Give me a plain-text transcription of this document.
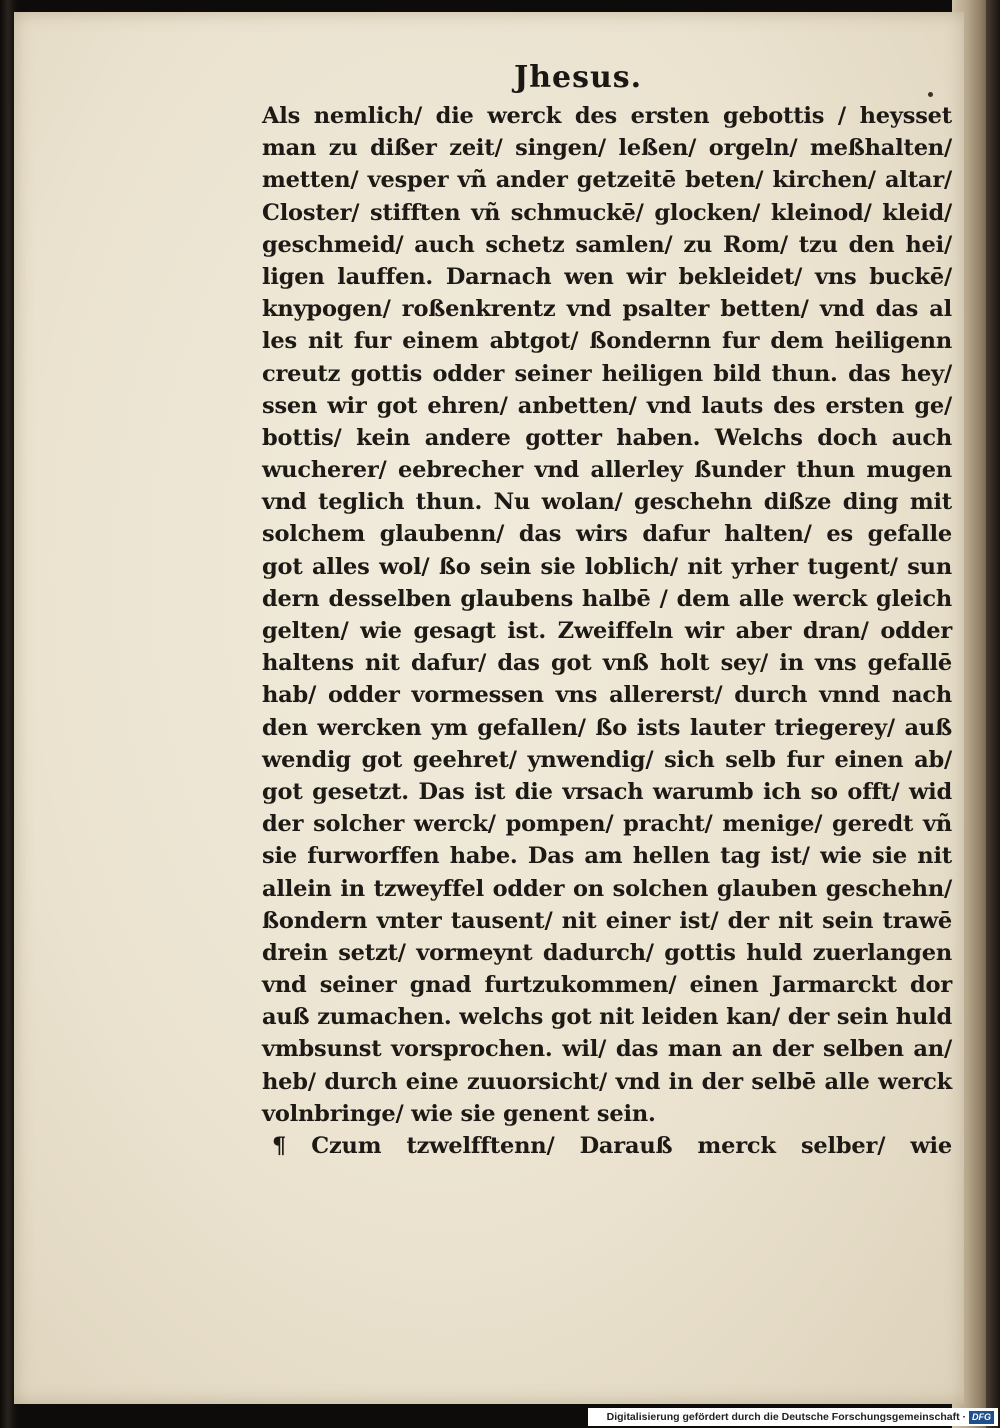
Jhesus.
Als nemlich/ die werck des ersten gebottis / heysset
man zu dißer zeit/ singen/ leßen/ orgeln/ meßhalten/
metten/ vesper vñ ander getzeitē beten/ kirchen/ altar/
Closter/ stifften vñ schmuckē/ glocken/ kleinod/ kleid/
geschmeid/ auch schetz samlen/ zu Rom/ tzu den hei/
ligen lauffen. Darnach wen wir bekleidet/ vns buckē/
knypogen/ roßenkrentz vnd psalter betten/ vnd das al
les nit fur einem abtgot/ ßondernn fur dem heiligenn
creutz gottis odder seiner heiligen bild thun. das hey/
ssen wir got ehren/ anbetten/ vnd lauts des ersten ge/
bottis/ kein andere gotter haben. Welchs doch auch
wucherer/ eebrecher vnd allerley ßunder thun mugen
vnd teglich thun. Nu wolan/ geschehn dißze ding mit
solchem glaubenn/ das wirs dafur halten/ es gefalle
got alles wol/ ßo sein sie loblich/ nit yrher tugent/ sun
dern desselben glaubens halbē / dem alle werck gleich
gelten/ wie gesagt ist. Zweiffeln wir aber dran/ odder
haltens nit dafur/ das got vnß holt sey/ in vns gefallē
hab/ odder vormessen vns allererst/ durch vnnd nach
den wercken ym gefallen/ ßo ists lauter triegerey/ auß
wendig got geehret/ ynwendig/ sich selb fur einen ab/
got gesetzt. Das ist die vrsach warumb ich so offt/ wid
der solcher werck/ pompen/ pracht/ menige/ geredt vñ
sie furworffen habe. Das am hellen tag ist/ wie sie nit
allein in tzweyffel odder on solchen glauben geschehn/
ßondern vnter tausent/ nit einer ist/ der nit sein trawē
drein setzt/ vormeynt dadurch/ gottis huld zuerlangen
vnd seiner gnad furtzukommen/ einen Jarmarckt dor
auß zumachen. welchs got nit leiden kan/ der sein huld
vmbsunst vorsprochen. wil/ das man an der selben an/
heb/ durch eine zuuorsicht/ vnd in der selbē alle werck
volnbringe/ wie sie genent sein.
¶ Czum tzwelfftenn/ Darauß merck selber/ wie
Digitalisierung gefördert durch die Deutsche Forschungsgemeinschaft · DFG
